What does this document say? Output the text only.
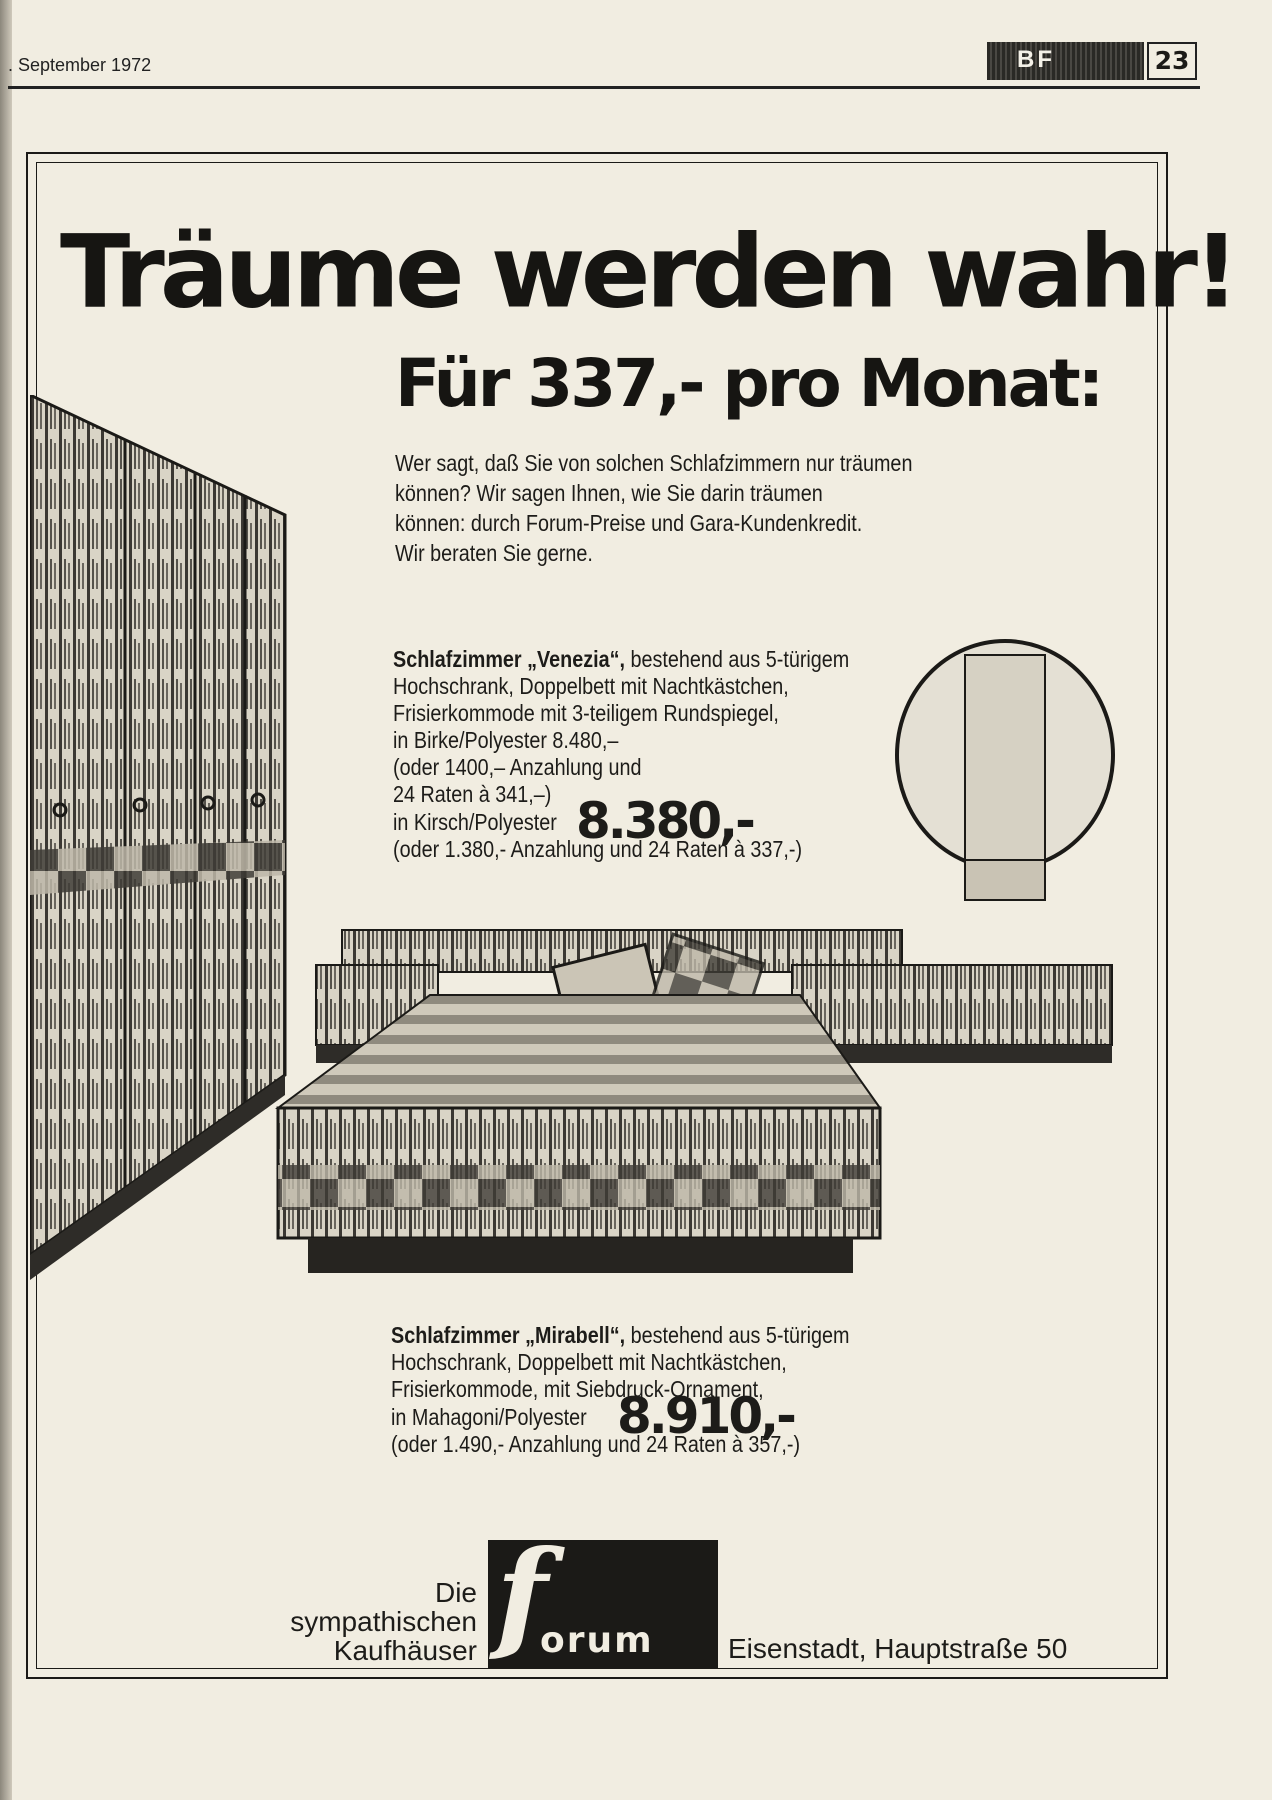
. September 1972	BF	23
Träume werden wahr!
Für 337,- pro Monat:
Wer sagt, daß Sie von solchen Schlafzimmern nur träumen
können? Wir sagen Ihnen, wie Sie darin träumen
können: durch Forum-Preise und Gara-Kundenkredit.
Wir beraten Sie gerne.
Schlafzimmer „Venezia“, bestehend aus 5-türigem
Hochschrank, Doppelbett mit Nachtkästchen,
Frisierkommode mit 3-teiligem Rundspiegel,
in Birke/Polyester 8.480,–
(oder 1400,– Anzahlung und
24 Raten à 341,–)
in Kirsch/Polyester 8.380,-
(oder 1.380,- Anzahlung und 24 Raten à 337,-)
Schlafzimmer „Mirabell“, bestehend aus 5-türigem
Hochschrank, Doppelbett mit Nachtkästchen,
Frisierkommode, mit Siebdruck-Ornament,
in Mahagoni/Polyester 8.910,-
(oder 1.490,- Anzahlung und 24 Raten à 357,-)
Die
sympathischen
Kaufhäuser f
orum	Eisenstadt, Hauptstraße 50
